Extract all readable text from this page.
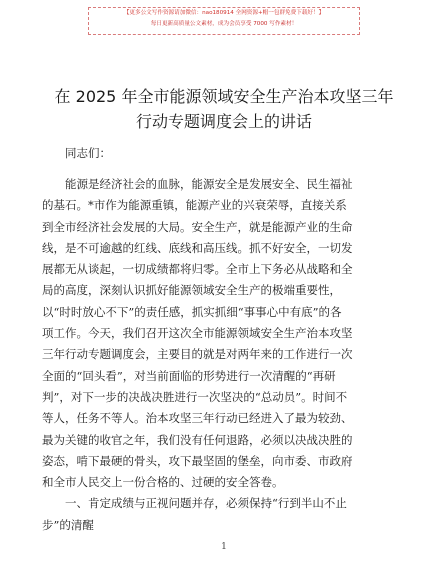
【更多公文写作资源请加微信：nao180914 全网资源+帽一包群免费下载好！】
每日更新高质量公文素材，成为会员享受 7000 写作素材！
在 2025 年全市能源领域安全生产治本攻坚三年
行动专题调度会上的讲话
同志们：
　　能源是经济社会的血脉，能源安全是发展安全、民生福祉
的基石。*市作为能源重镇，能源产业的兴衰荣辱，直接关系
到全市经济社会发展的大局。安全生产，就是能源产业的生命
线，是不可逾越的红线、底线和高压线。抓不好安全，一切发
展都无从谈起，一切成绩都将归零。全市上下务必从战略和全
局的高度，深刻认识抓好能源领域安全生产的极端重要性，
以“时时放心不下”的责任感，抓实抓细“事事心中有底”的各
项工作。今天，我们召开这次全市能源领域安全生产治本攻坚
三年行动专题调度会，主要目的就是对两年来的工作进行一次
全面的“回头看”，对当前面临的形势进行一次清醒的“再研
判”，对下一步的决战决胜进行一次坚决的“总动员”。时间不
等人，任务不等人。治本攻坚三年行动已经进入了最为较劲、
最为关键的收官之年，我们没有任何退路，必须以决战决胜的
姿态，啃下最硬的骨头，攻下最坚固的堡垒，向市委、市政府
和全市人民交上一份合格的、过硬的安全答卷。
　　一、肯定成绩与正视问题并存，必须保持“行到半山不止
步”的清醒
1
